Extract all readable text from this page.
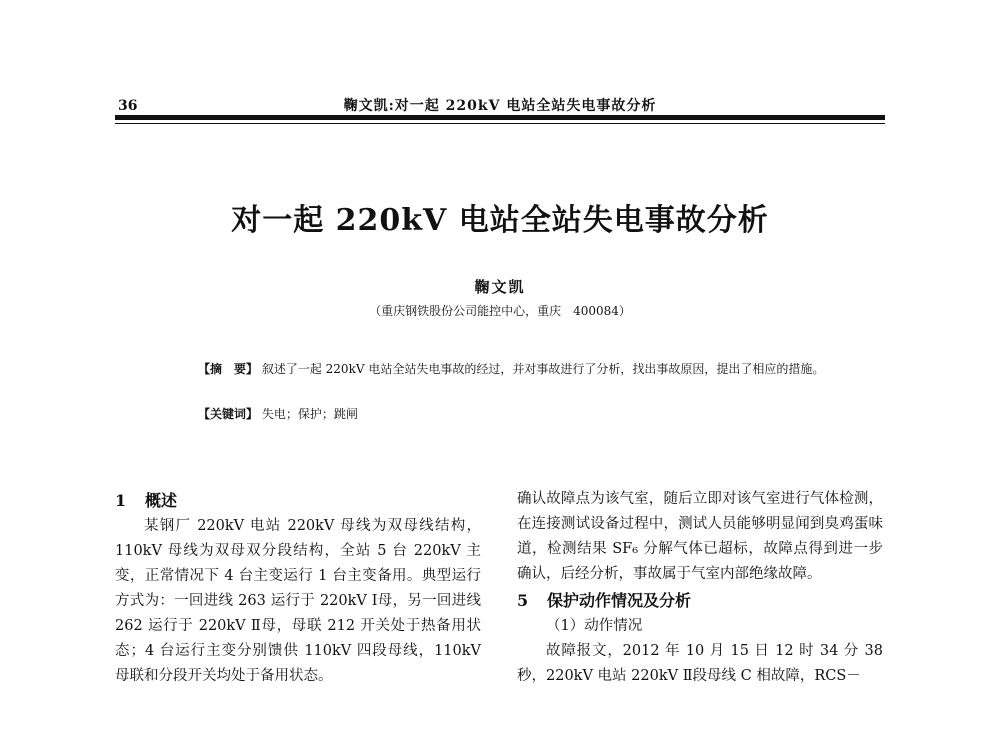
36	鞠文凯:对一起 220kV 电站全站失电事故分析
对一起 220kV 电站全站失电事故分析
鞠文凯
（重庆钢铁股份公司能控中心，重庆　400084）
【摘　要】 叙述了一起 220kV 电站全站失电事故的经过，并对事故进行了分析，找出事故原因，提出了相应的措施。
【关键词】 失电；保护；跳闸
1 概述

某钢厂 220kV 电站 220kV 母线为双母线结构，110kV 母线为双母双分段结构，全站 5 台 220kV 主变，正常情况下 4 台主变运行 1 台主变备用。典型运行方式为：一回进线 263 运行于 220kV Ⅰ母，另一回进线 262 运行于 220kV Ⅱ母，母联 212 开关处于热备用状态；4 台运行主变分别馈供 110kV 四段母线，110kV 母联和分段开关均处于备用状态。

确认故障点为该气室，随后立即对该气室进行气体检测，在连接测试设备过程中，测试人员能够明显闻到臭鸡蛋味道，检测结果 SF₆ 分解气体已超标，故障点得到进一步确认，后经分析，事故属于气室内部绝缘故障。

5 保护动作情况及分析

（1）动作情况

故障报文，2012 年 10 月 15 日 12 时 34 分 38 秒，220kV 电站 220kV Ⅱ段母线 C 相故障，RCS－
